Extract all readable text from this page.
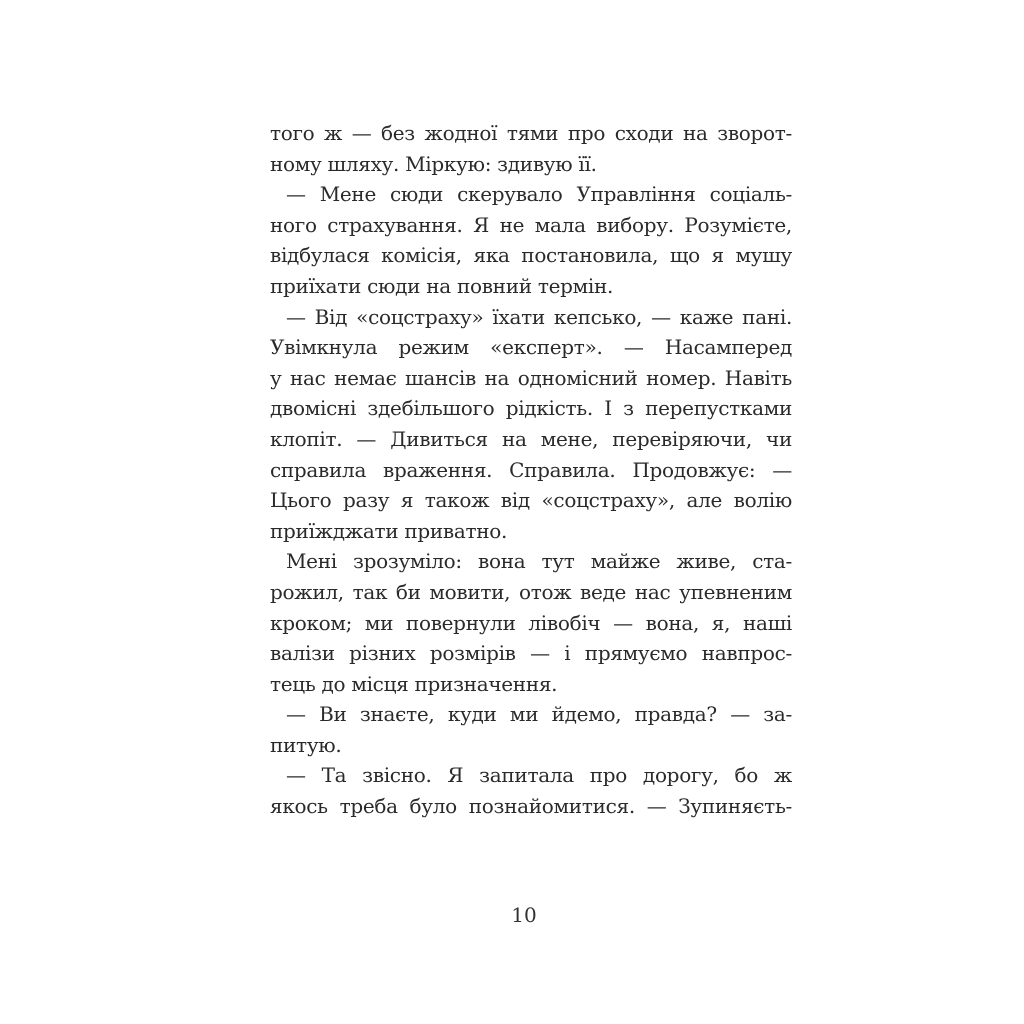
того ж — без жодної тями про сходи на зворот-
ному шляху. Міркую: здивую її.
— Мене сюди скерувало Управління соціаль-
ного страхування. Я не мала вибору. Розумієте,
відбулася комісія, яка постановила, що я мушу
приїхати сюди на повний термін.
— Від «соцстраху» їхати кепсько, — каже пані.
Увімкнула режим «експерт». — Насамперед
у нас немає шансів на одномісний номер. Навіть
двомісні здебільшого рідкість. І з перепустками
клопіт. — Дивиться на мене, перевіряючи, чи
справила враження. Справила. Продовжує: —
Цього разу я також від «соцстраху», але волію
приїжджати приватно.
Мені зрозуміло: вона тут майже живе, ста-
рожил, так би мовити, отож веде нас упевненим
кроком; ми повернули лівобіч — вона, я, наші
валізи різних розмірів — і прямуємо навпрос-
тець до місця призначення.
— Ви знаєте, куди ми йдемо, правда? — за-
питую.
— Та звісно. Я запитала про дорогу, бо ж
якось треба було познайомитися. — Зупиняєть-
10
